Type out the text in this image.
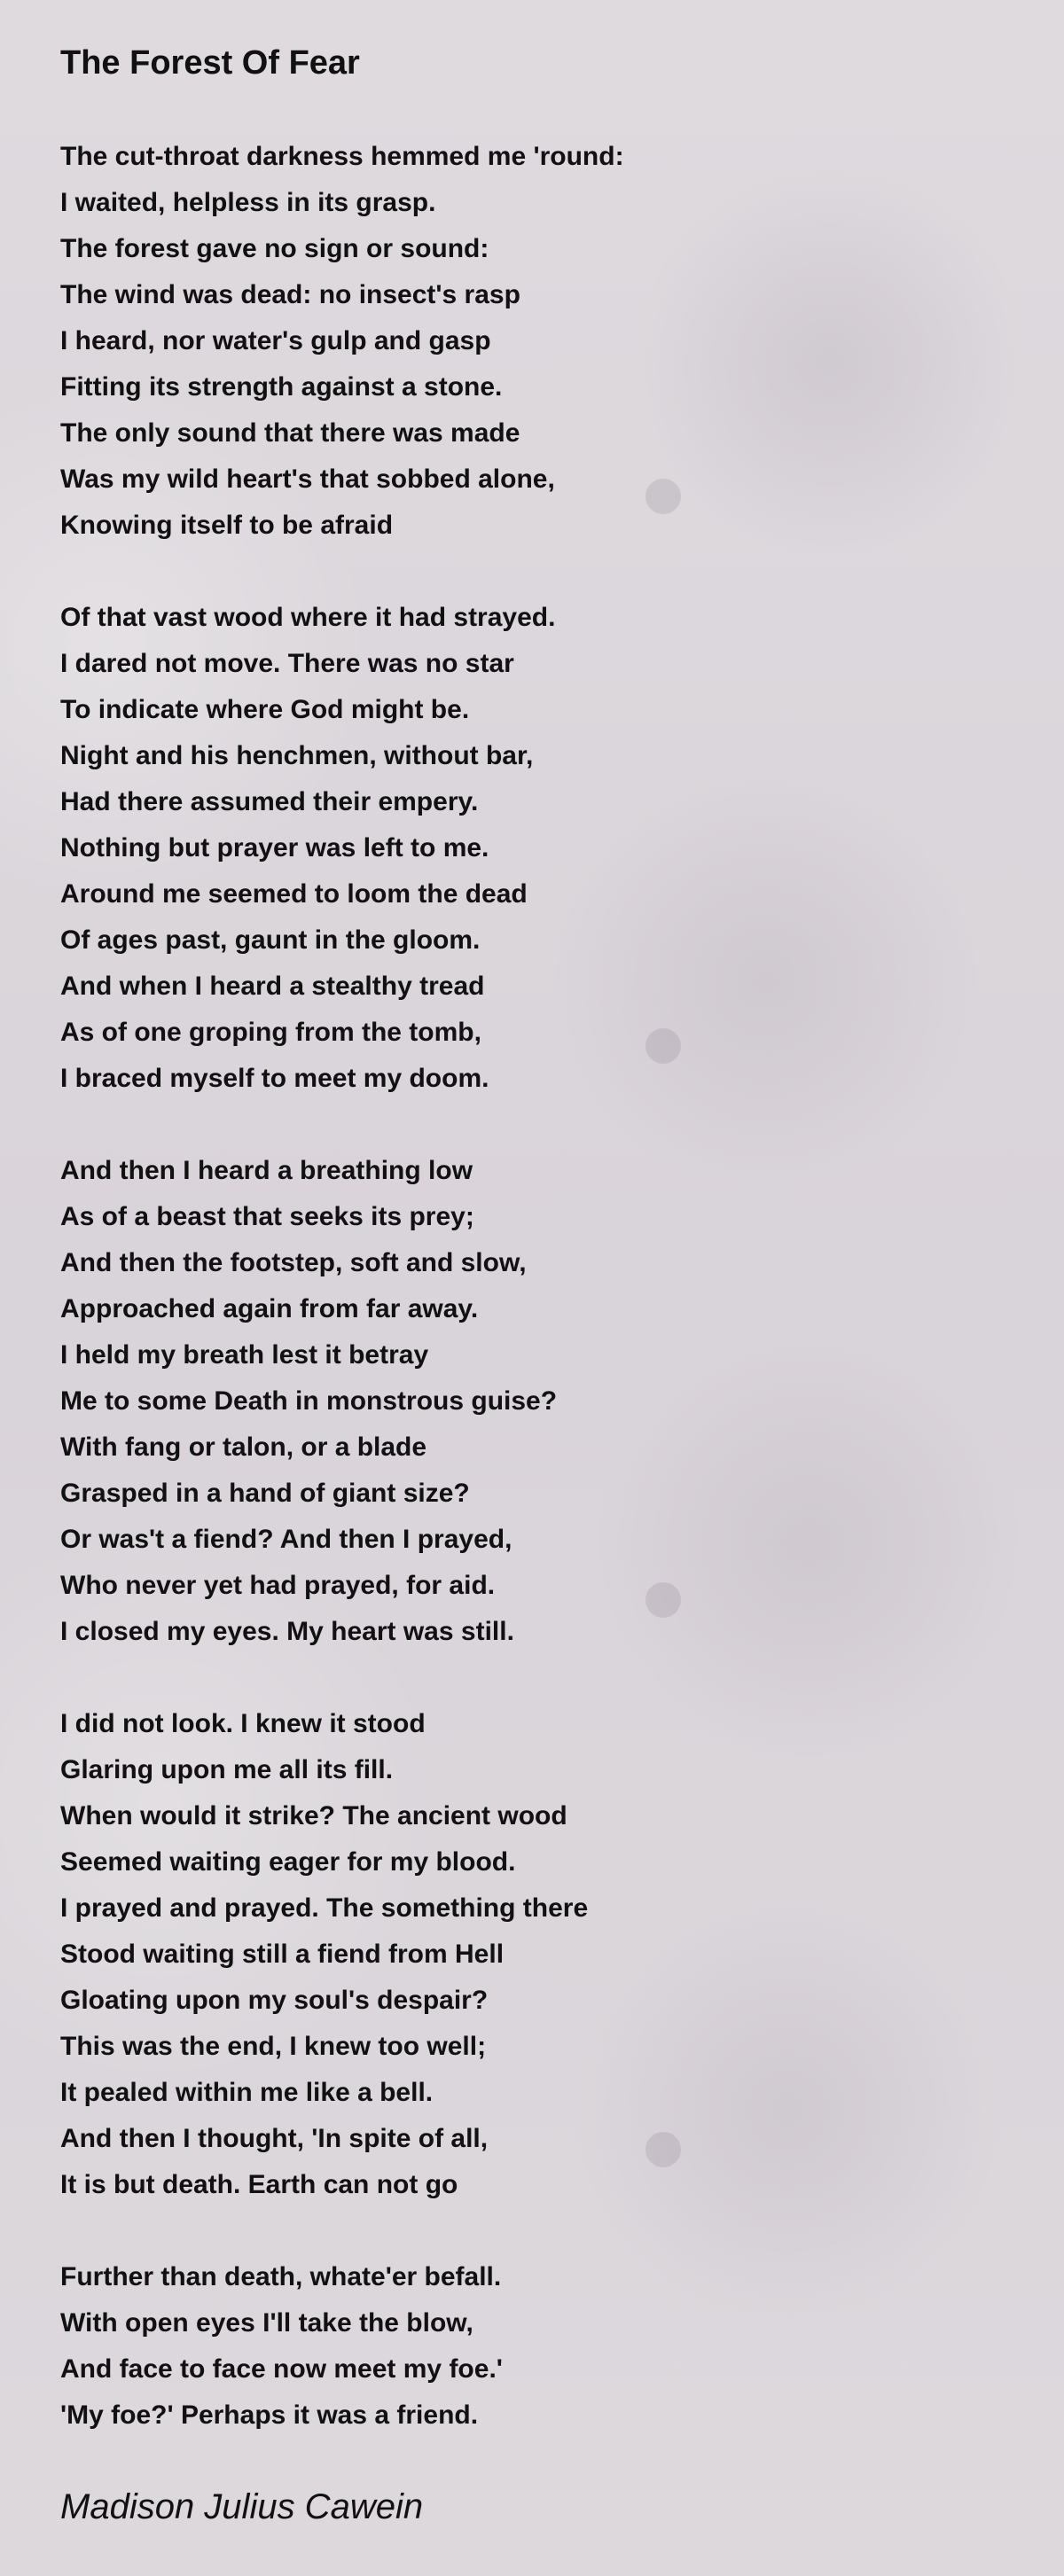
The Forest Of Fear
The cut-throat darkness hemmed me 'round:
I waited, helpless in its grasp.
The forest gave no sign or sound:
The wind was dead: no insect's rasp
I heard, nor water's gulp and gasp
Fitting its strength against a stone.
The only sound that there was made
Was my wild heart's that sobbed alone,
Knowing itself to be afraid
Of that vast wood where it had strayed.
I dared not move. There was no star
To indicate where God might be.
Night and his henchmen, without bar,
Had there assumed their empery.
Nothing but prayer was left to me.
Around me seemed to loom the dead
Of ages past, gaunt in the gloom.
And when I heard a stealthy tread
As of one groping from the tomb,
I braced myself to meet my doom.
And then I heard a breathing low
As of a beast that seeks its prey;
And then the footstep, soft and slow,
Approached again from far away.
I held my breath lest it betray
Me to some Death in monstrous guise?
With fang or talon, or a blade
Grasped in a hand of giant size?
Or was't a fiend? And then I prayed,
Who never yet had prayed, for aid.
I closed my eyes. My heart was still.
I did not look. I knew it stood
Glaring upon me all its fill.
When would it strike? The ancient wood
Seemed waiting eager for my blood.
I prayed and prayed. The something there
Stood waiting still a fiend from Hell
Gloating upon my soul's despair?
This was the end, I knew too well;
It pealed within me like a bell.
And then I thought, 'In spite of all,
It is but death. Earth can not go
Further than death, whate'er befall.
With open eyes I'll take the blow,
And face to face now meet my foe.'
'My foe?' Perhaps it was a friend.
Madison Julius Cawein
